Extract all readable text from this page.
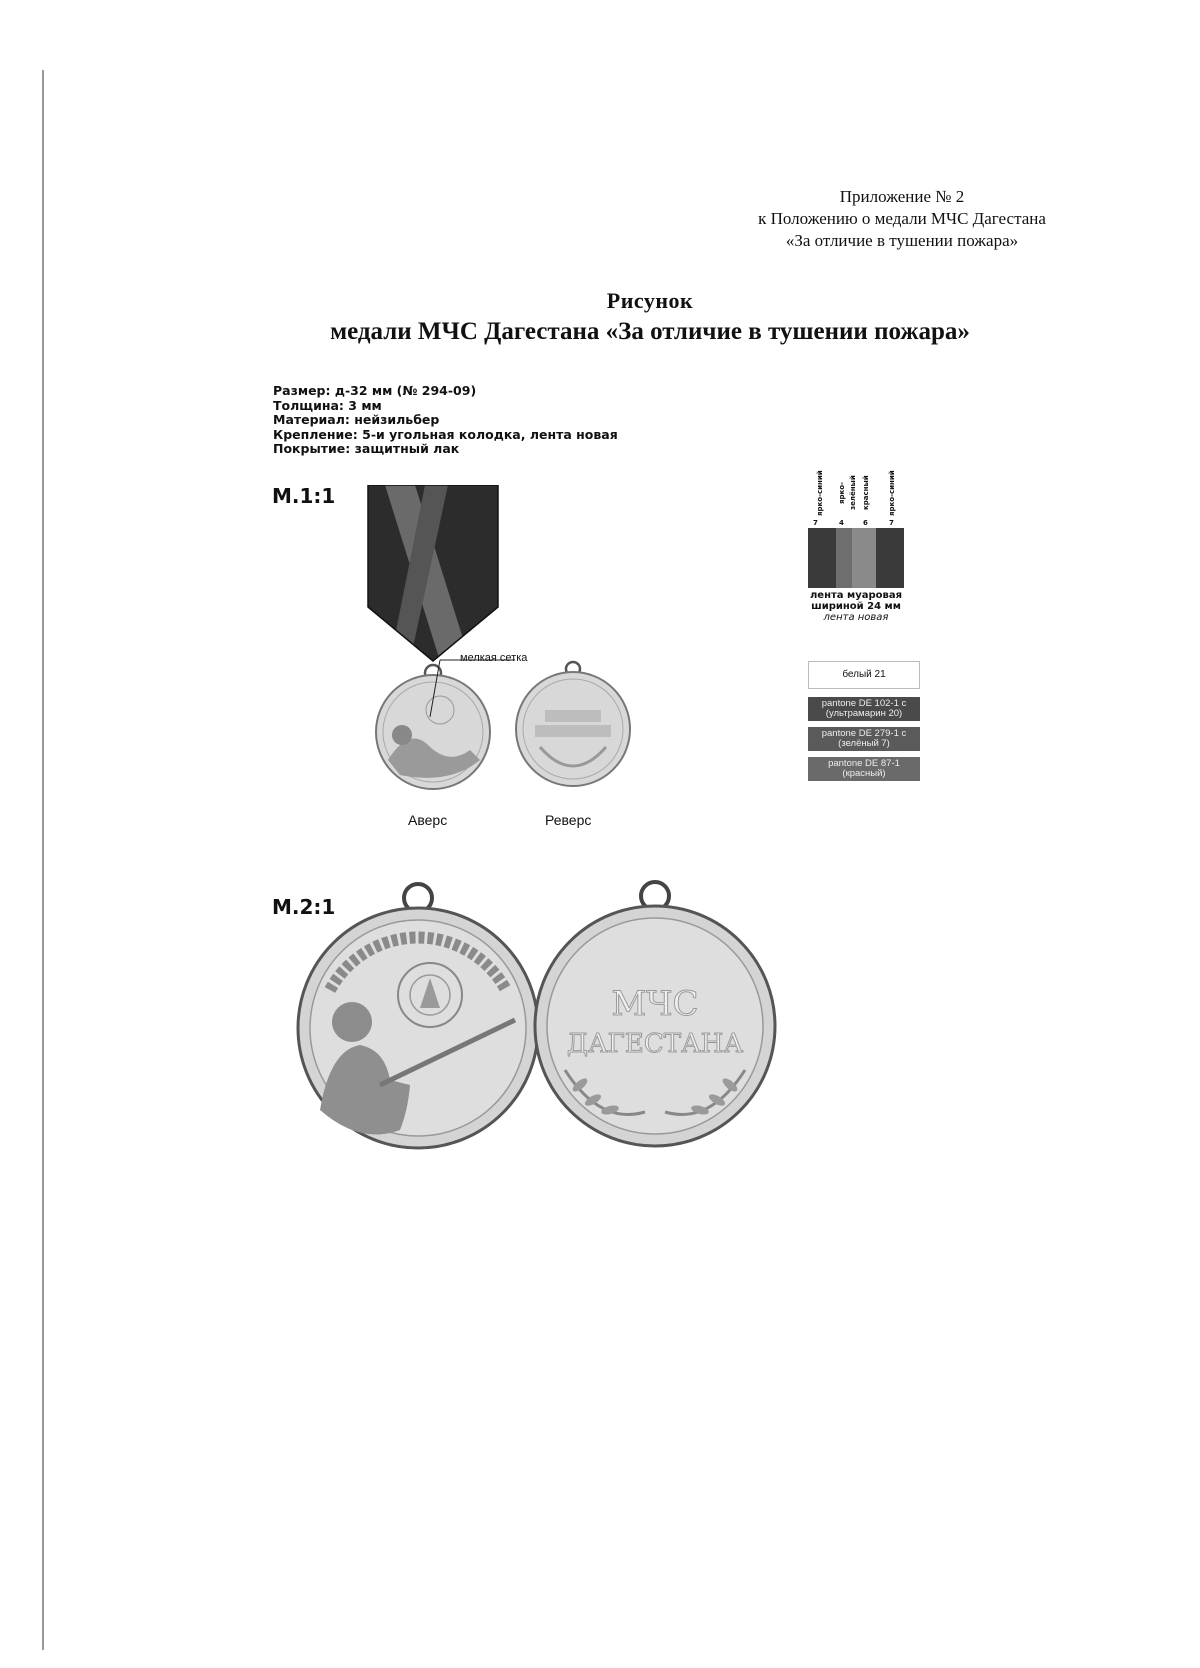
Приложение № 2
к Положению о медали МЧС Дагестана
«За отличие в тушении пожара»
Рисунок
медали МЧС Дагестана «За отличие в тушении пожара»
Размер: д-32 мм (№ 294-09)
Толщина: 3 мм
Материал: нейзильбер
Крепление: 5-и угольная колодка, лента новая
Покрытие: защитный лак
М.1:1
М.2:1
мелкая сетка
Аверс	Реверс
ярко-синий ярко-зелёный красный	ярко-синий
7	4	6	7
лента муаровая
шириной 24 мм
лента новая
белый 21
pantone DE 102-1 c
(ультрамарин 20)
pantone DE 279-1 c
(зелёный 7)
pantone DE 87-1
(красный)
МЧС
ДАГЕСТАНА
